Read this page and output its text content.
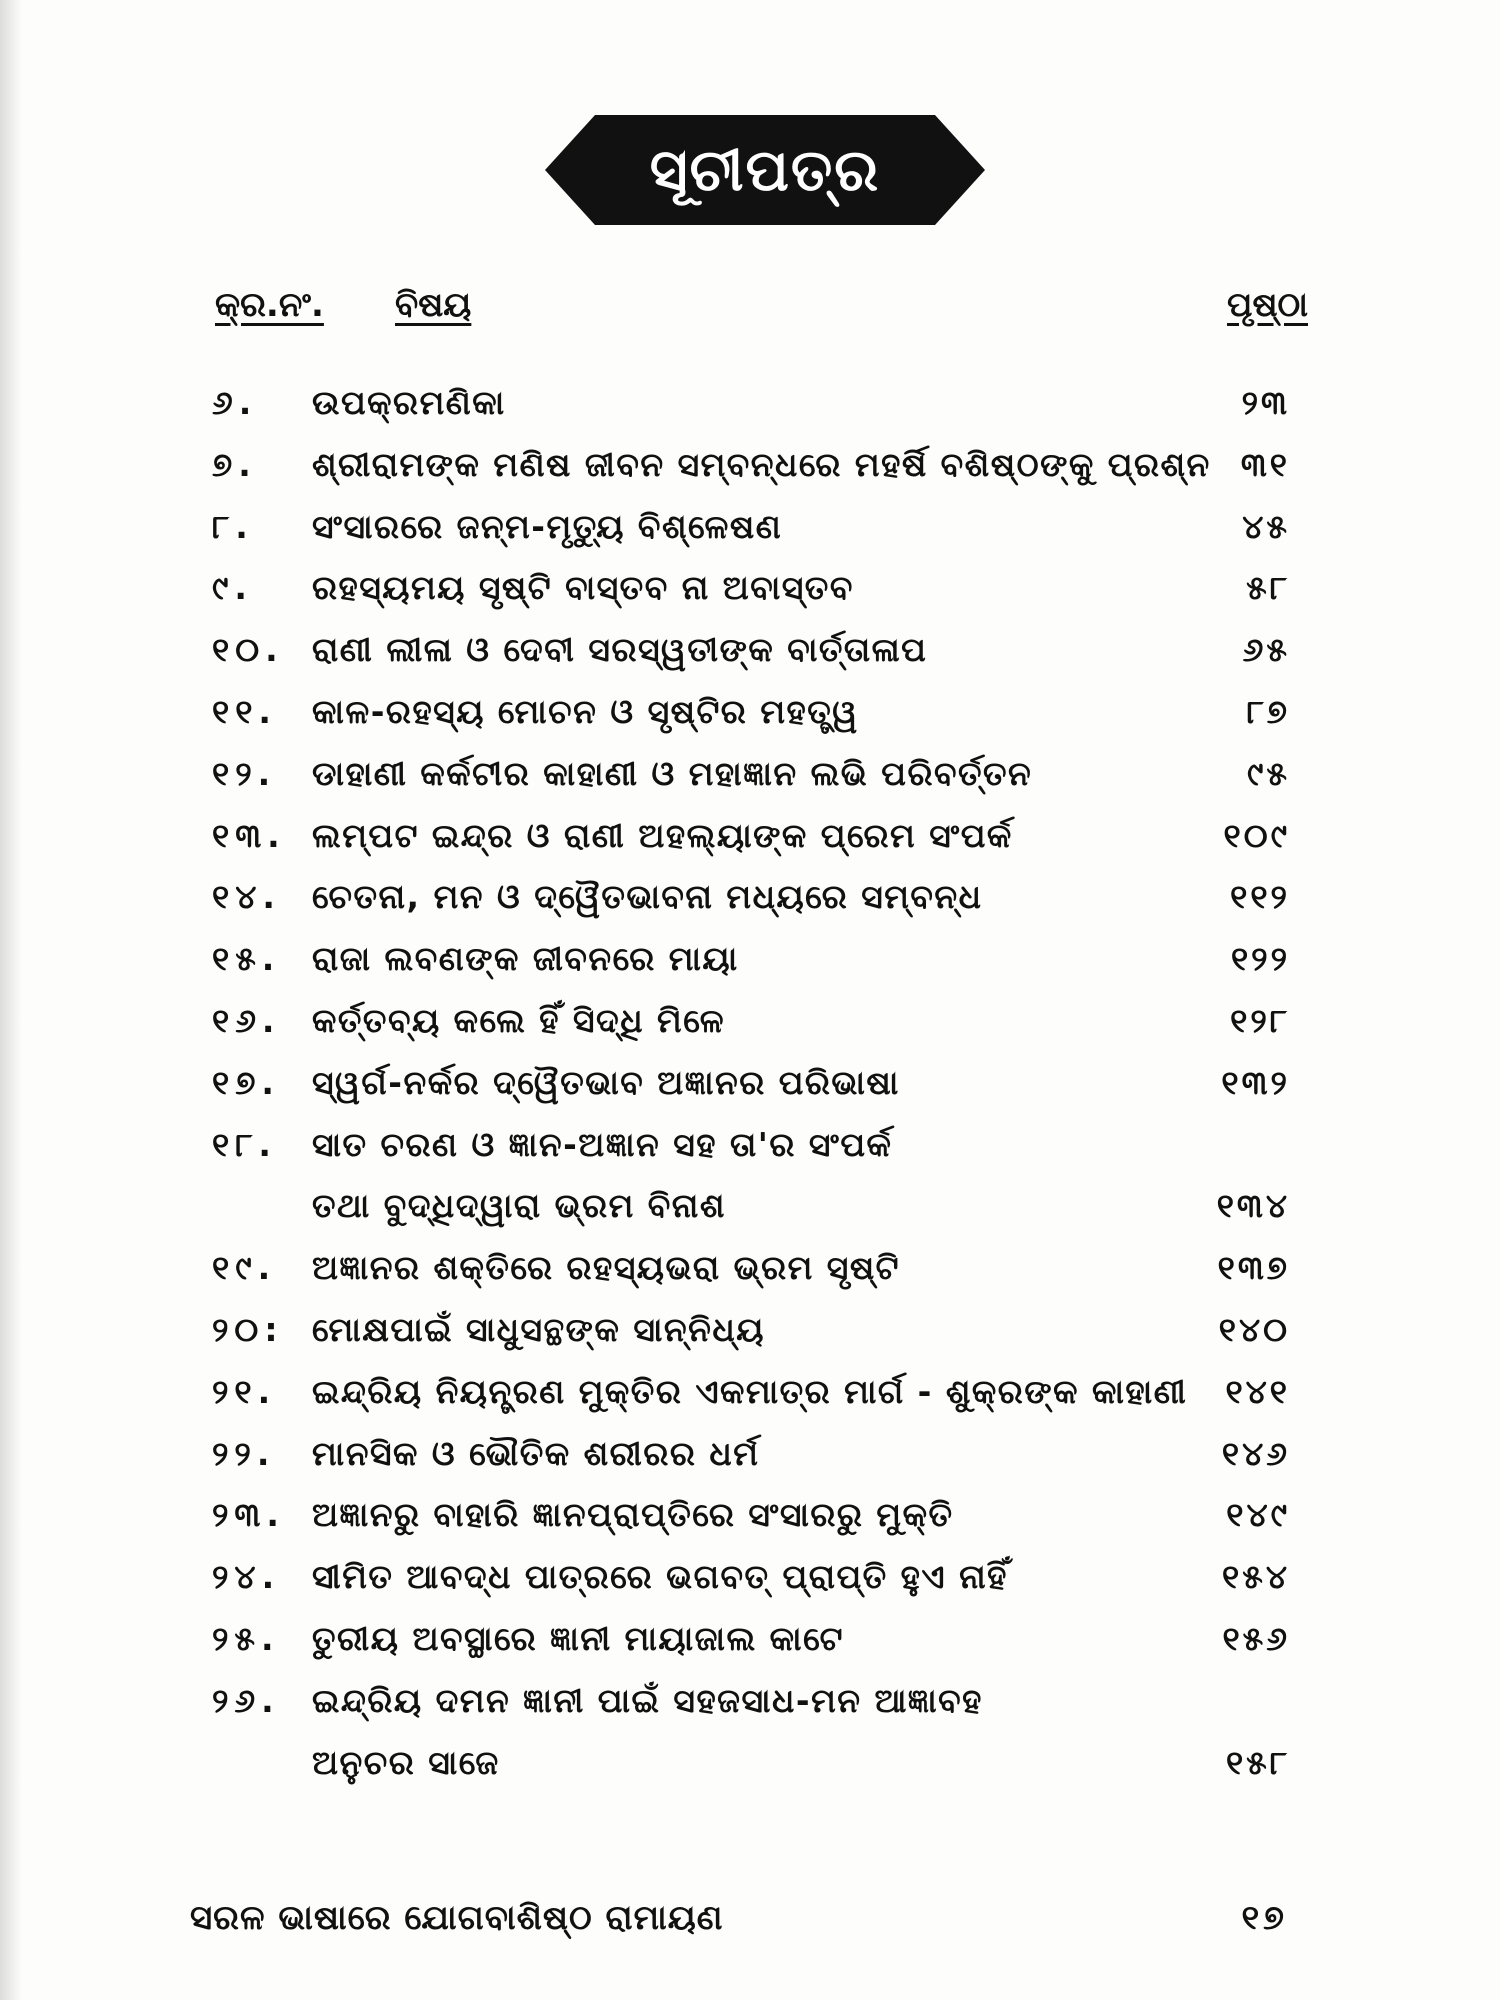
ସୂଚୀପତ୍ର
କ୍ର.ନଂ. ବିଷୟ	ପୃଷ୍ଠା
୬. ଉପକ୍ରମଣିକା	୨୩
୭. ଶ୍ରୀରାମଙ୍କ ମଣିଷ ଜୀବନ ସମ୍ବନ୍ଧରେ ମହର୍ଷି ବଶିଷ୍ଠଙ୍କୁ ପ୍ରଶ୍ନ ୩୧
୮. ସଂସାରରେ ଜନ୍ମ-ମୃତ୍ୟୁ ବିଶ୍ଳେଷଣ	୪୫
୯. ରହସ୍ୟମୟ ସୃଷ୍ଟି ବାସ୍ତବ ନା ଅବାସ୍ତବ	୫୮
୧୦. ରାଣୀ ଲୀଳା ଓ ଦେବୀ ସରସ୍ୱତୀଙ୍କ ବାର୍ତ୍ତାଳାପ	୬୫
୧୧. କାଳ-ରହସ୍ୟ ମୋଚନ ଓ ସୃଷ୍ଟିର ମହତ୍ତ୍ୱ	୮୭
୧୨. ଡାହାଣୀ କର୍କଟୀର କାହାଣୀ ଓ ମହାଜ୍ଞାନ ଲଭି ପରିବର୍ତ୍ତନ	୯୫
୧୩. ଲମ୍ପଟ ଇନ୍ଦ୍ର ଓ ରାଣୀ ଅହଲ୍ୟାଙ୍କ ପ୍ରେମ ସଂପର୍କ	୧୦୯
୧୪. ଚେତନା, ମନ ଓ ଦ୍ୱୈତଭାବନା ମଧ୍ୟରେ ସମ୍ବନ୍ଧ	୧୧୨
୧୫. ରାଜା ଲବଣଙ୍କ ଜୀବନରେ ମାୟା	୧୨୨
୧୬. କର୍ତ୍ତବ୍ୟ କଲେ ହିଁ ସିଦ୍ଧି ମିଳେ	୧୨୮
୧୭. ସ୍ୱର୍ଗ-ନର୍କର ଦ୍ୱୈତଭାବ ଅଜ୍ଞାନର ପରିଭାଷା	୧୩୨
୧୮. ସାତ ଚରଣ ଓ ଜ୍ଞାନ-ଅଜ୍ଞାନ ସହ ତା'ର ସଂପର୍କ
ତଥା ବୁଦ୍ଧିଦ୍ୱାରା ଭ୍ରମ ବିନାଶ	୧୩୪
୧୯. ଅଜ୍ଞାନର ଶକ୍ତିରେ ରହସ୍ୟଭରା ଭ୍ରମ ସୃଷ୍ଟି	୧୩୭
୨୦: ମୋକ୍ଷପାଇଁ ସାଧୁସନ୍ଥଙ୍କ ସାନ୍ନିଧ୍ୟ	୧୪୦
୨୧. ଇନ୍ଦ୍ରିୟ ନିୟନ୍ତ୍ରଣ ମୁକ୍ତିର ଏକମାତ୍ର ମାର୍ଗ - ଶୁକ୍ରଙ୍କ କାହାଣୀ ୧୪୧
୨୨. ମାନସିକ ଓ ଭୌତିକ ଶରୀରର ଧର୍ମ	୧୪୬
୨୩. ଅଜ୍ଞାନରୁ ବାହାରି ଜ୍ଞାନପ୍ରାପ୍ତିରେ ସଂସାରରୁ ମୁକ୍ତି	୧୪୯
୨୪. ସୀମିତ ଆବଦ୍ଧ ପାତ୍ରରେ ଭଗବତ୍ ପ୍ରାପ୍ତି ହୁଏ ନାହିଁ	୧୫୪
୨୫. ତୁରୀୟ ଅବସ୍ଥାରେ ଜ୍ଞାନୀ ମାୟାଜାଲ କାଟେ	୧୫୬
୨୬. ଇନ୍ଦ୍ରିୟ ଦମନ ଜ୍ଞାନୀ ପାଇଁ ସହଜସାଧ-ମନ ଆଜ୍ଞାବହ
ଅନୁଚର ସାଜେ	୧୫୮
ସରଳ ଭାଷାରେ ଯୋଗବାଶିଷ୍ଠ ରାମାୟଣ	୧୭
